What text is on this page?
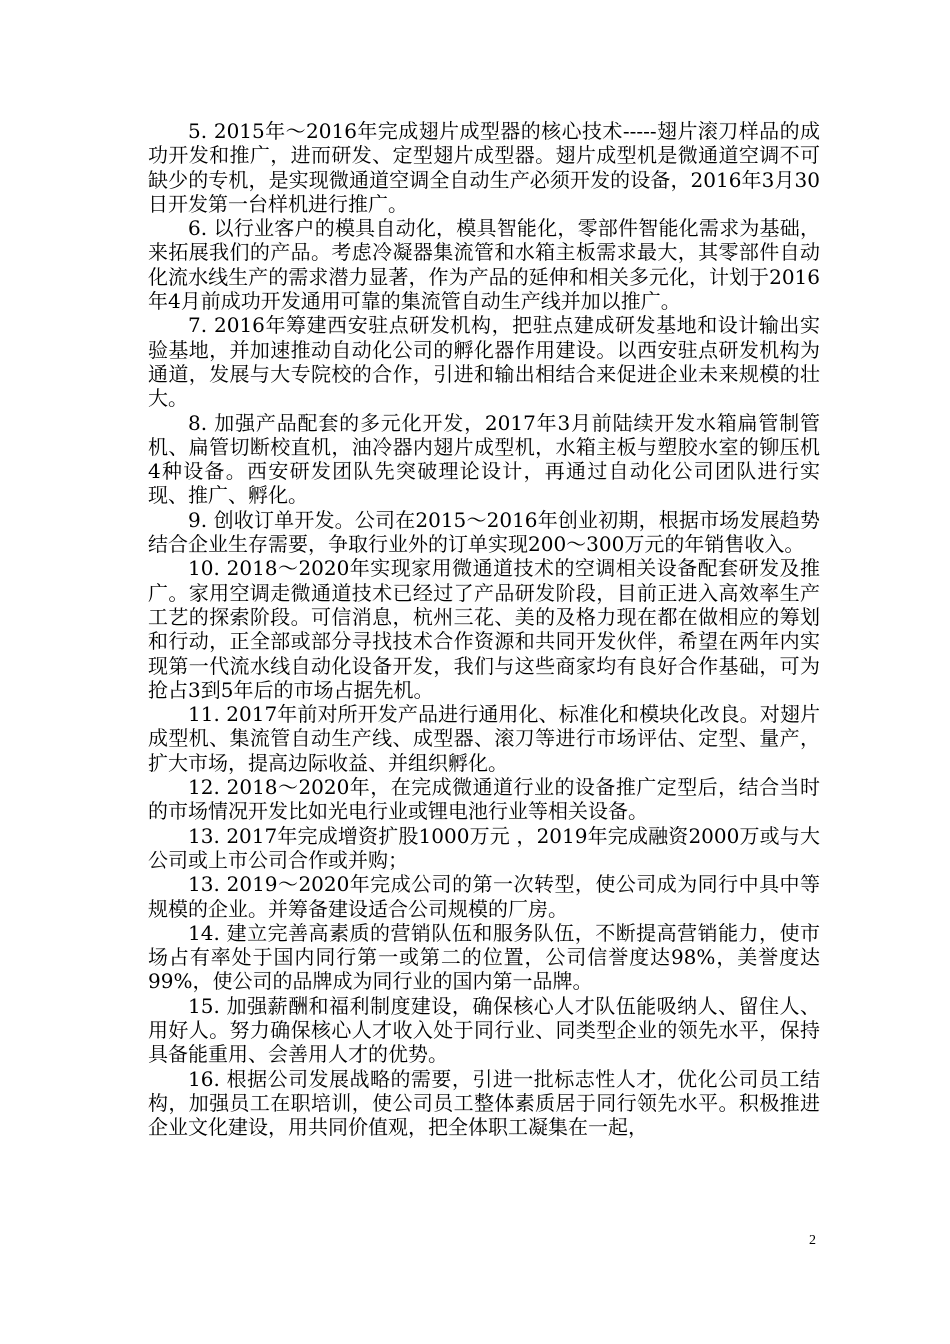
5. 2015年～2016年完成翅片成型器的核心技术-----翅片滚刀样品的成功开发和推广，进而研发、定型翅片成型器。翅片成型机是微通道空调不可缺少的专机，是实现微通道空调全自动生产必须开发的设备，2016年3月30日开发第一台样机进行推广。

6. 以行业客户的模具自动化，模具智能化，零部件智能化需求为基础，来拓展我们的产品。考虑冷凝器集流管和水箱主板需求最大，其零部件自动化流水线生产的需求潜力显著，作为产品的延伸和相关多元化，计划于2016年4月前成功开发通用可靠的集流管自动生产线并加以推广。

7. 2016年筹建西安驻点研发机构，把驻点建成研发基地和设计输出实验基地，并加速推动自动化公司的孵化器作用建设。以西安驻点研发机构为通道，发展与大专院校的合作，引进和输出相结合来促进企业未来规模的壮大。

8. 加强产品配套的多元化开发，2017年3月前陆续开发水箱扁管制管机、扁管切断校直机，油冷器内翅片成型机，水箱主板与塑胶水室的铆压机4种设备。西安研发团队先突破理论设计，再通过自动化公司团队进行实现、推广、孵化。

9. 创收订单开发。公司在2015～2016年创业初期，根据市场发展趋势结合企业生存需要，争取行业外的订单实现200～300万元的年销售收入。

10. 2018～2020年实现家用微通道技术的空调相关设备配套研发及推广。家用空调走微通道技术已经过了产品研发阶段，目前正进入高效率生产工艺的探索阶段。可信消息，杭州三花、美的及格力现在都在做相应的筹划和行动，正全部或部分寻找技术合作资源和共同开发伙伴，希望在两年内实现第一代流水线自动化设备开发，我们与这些商家均有良好合作基础，可为抢占3到5年后的市场占据先机。

11. 2017年前对所开发产品进行通用化、标准化和模块化改良。对翅片成型机、集流管自动生产线、成型器、滚刀等进行市场评估、定型、量产，扩大市场，提高边际收益、并组织孵化。

12. 2018～2020年，在完成微通道行业的设备推广定型后，结合当时的市场情况开发比如光电行业或锂电池行业等相关设备。

13. 2017年完成增资扩股1000万元 ，2019年完成融资2000万或与大公司或上市公司合作或并购；

13. 2019～2020年完成公司的第一次转型，使公司成为同行中具中等规模的企业。并筹备建设适合公司规模的厂房。

14. 建立完善高素质的营销队伍和服务队伍，不断提高营销能力，使市场占有率处于国内同行第一或第二的位置，公司信誉度达98%，美誉度达99%，使公司的品牌成为同行业的国内第一品牌。

15. 加强薪酬和福利制度建设，确保核心人才队伍能吸纳人、留住人、用好人。努力确保核心人才收入处于同行业、同类型企业的领先水平，保持具备能重用、会善用人才的优势。

16. 根据公司发展战略的需要，引进一批标志性人才，优化公司员工结构，加强员工在职培训，使公司员工整体素质居于同行领先水平。积极推进企业文化建设，用共同价值观，把全体职工凝集在一起，

2
